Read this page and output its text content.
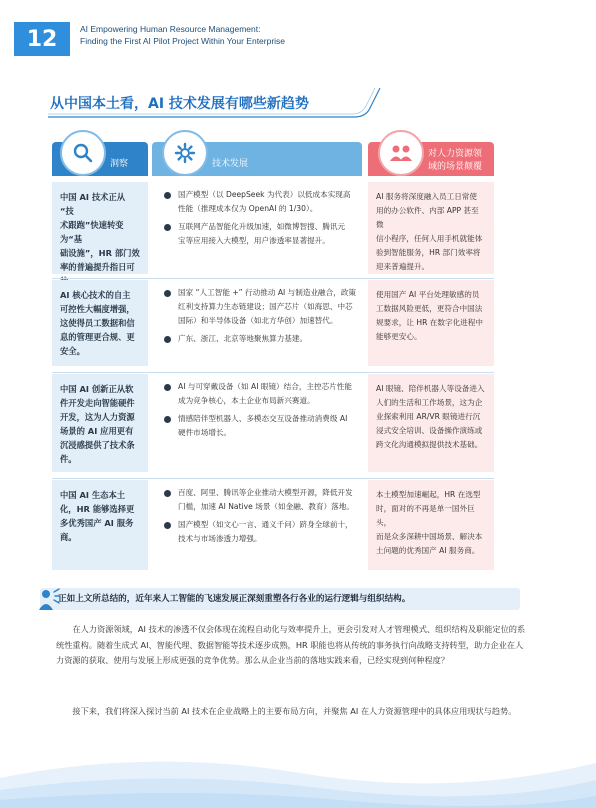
12	AI Empowering Human Resource Management:
Finding the First AI Pilot Project Within Your Enterprise
从中国本土看，AI 技术发展有哪些新趋势
洞察	技术发展
对人力资源领
域的场景颠覆
中国 AI 技术正从 “技
术跟跑”快速转变为“基
础设施”，HR 部门效
率的普遍提升指日可
国产模型（以 DeepSeek 为代表）以低成本实现高
性能（推理成本仅为 OpenAI 的 1/30）。
互联网产品智能化升级加速，如微博智搜、腾讯元
宝等应用接入大模型，用户渗透率显著提升。
AI 服务将深度融入员工日常使
用的办公软件、内部 APP 甚至微
信小程序，任何人用手机就能体
验到智能服务，HR 部门效率将
迎来普遍提升。
AI 核心技术的自主
可控性大幅度增强，
这使得员工数据和信
息的管理更合规、更
安全。
国家 “人工智能 +” 行动推动 AI 与制造业融合，政策
红利支持算力生态链建设；国产芯片（如海思、中芯
国际）和半导体设备（如北方华创）加速替代。
广东、浙江、北京等地聚焦算力基建。
使用国产 AI 平台处理敏感的员
工数据风险更低，更符合中国法
规要求，让 HR 在数字化进程中
能够更安心。
中国 AI 创新正从软
件开发走向智能硬件
开发，这为人力资源
场景的 AI 应用更有
沉浸感提供了技术条
件。
AI 与可穿戴设备（如 AI 眼镜）结合，主控芯片性能
成为竞争核心，本土企业布局新兴赛道。
情感陪伴型机器人、多模态交互设备推动消费级 AI
硬件市场增长。
AI 眼镜、陪伴机器人等设备进入
人们的生活和工作场景，这为企
业探索利用 AR/VR 眼镜进行沉
浸式安全培训、设备操作演练或
跨文化沟通模拟提供技术基础。
中国 AI 生态本土
化，HR 能够选择更
多优秀国产 AI 服务
商。
百度、阿里、腾讯等企业推动大模型开源，降低开发
门槛，加速 AI Native 场景（如金融、教育）落地。
国产模型（如文心一言、通义千问）跻身全球前十，
技术与市场渗透力增强。
本土模型加速崛起，HR 在选型
时，面对的不再是单一国外巨头，
而是众多深耕中国场景、解决本
土问题的优秀国产 AI 服务商。
正如上文所总结的，近年来人工智能的飞速发展正深刻重塑各行各业的运行逻辑与组织结构。
在人力资源领域，AI 技术的渗透不仅会体现在流程自动化与效率提升上，更会引发对人才管理模式、组织结构及职能定位的系统性重构。随着生成式 AI、智能代理、数据智能等技术逐步成熟，HR 职能也将从传统的事务执行向战略支持转型，助力企业在人力资源的获取、使用与发展上形成更强的竞争优势。那么从企业当前的落地实践来看，已经实现到何种程度？
接下来，我们将深入探讨当前 AI 技术在企业战略上的主要布局方向，并聚焦 AI 在人力资源管理中的具体应用现状与趋势。
